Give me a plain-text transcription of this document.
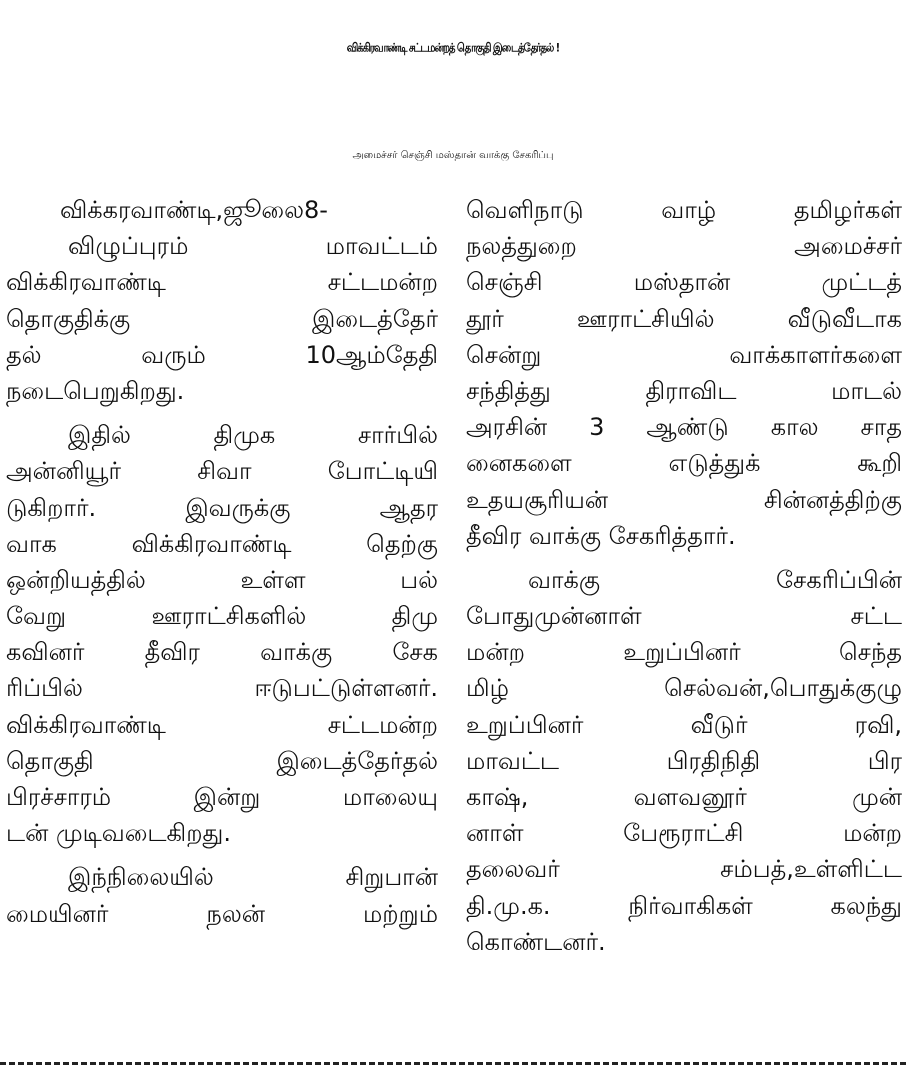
விக்கிரவாண்டி சட்டமன்றத் தொகுதி இடைத்தேர்தல் !
அமைச்சர் செஞ்சி மஸ்தான் வாக்கு சேகரிப்பு
விக்கரவாண்டி,ஜூலை8-
விழுப்புரம் மாவட்டம்
விக்கிரவாண்டி சட்டமன்ற
தொகுதிக்கு இடைத்தேர்
தல் வரும் 10ஆம்தேதி
நடைபெறுகிறது.
இதில் திமுக சார்பில்
அன்னியூர் சிவா போட்டியி
டுகிறார். இவருக்கு ஆதர
வாக விக்கிரவாண்டி தெற்கு
ஒன்றியத்தில் உள்ள பல்
வேறு ஊராட்சிகளில் திமு
கவினர் தீவிர வாக்கு சேக
ரிப்பில் ஈடுபட்டுள்ளனர்.
விக்கிரவாண்டி சட்டமன்ற
தொகுதி இடைத்தேர்தல்
பிரச்சாரம் இன்று மாலையு
டன் முடிவடைகிறது.
இந்நிலையில் சிறுபான்
மையினர் நலன் மற்றும்
வெளிநாடு வாழ் தமிழர்கள்
நலத்துறை அமைச்சர்
செஞ்சி மஸ்தான் முட்டத்
தூர் ஊராட்சியில் வீடுவீடாக
சென்று வாக்காளர்களை
சந்தித்து திராவிட மாடல்
அரசின் 3 ஆண்டு கால சாத
னைகளை எடுத்துக் கூறி
உதயசூரியன் சின்னத்திற்கு
தீவிர வாக்கு சேகரித்தார்.
வாக்கு சேகரிப்பின்
போதுமுன்னாள் சட்ட
மன்ற உறுப்பினர் செந்த
மிழ் செல்வன்,பொதுக்குழு
உறுப்பினர் வீடுர் ரவி,
மாவட்ட பிரதிநிதி பிர
காஷ், வளவனூர் முன்
னாள் பேரூராட்சி மன்ற
தலைவர் சம்பத்,உள்ளிட்ட
தி.மு.க. நிர்வாகிகள் கலந்து
கொண்டனர்.
